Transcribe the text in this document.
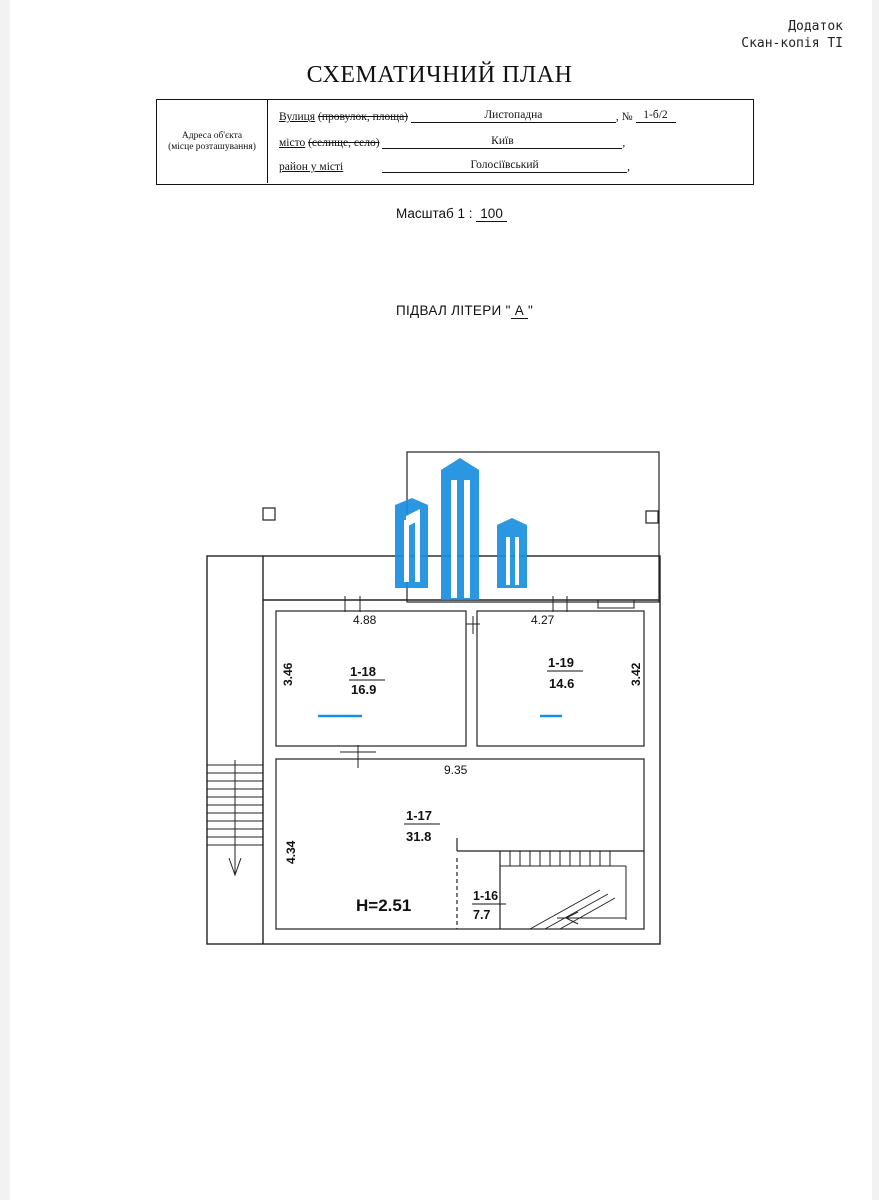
Додаток
Скан-копія ТІ
СХЕМАТИЧНИЙ ПЛАН
Адреса об'єкта
(місце розташування)
Вулиця (провулок, площа)	Листопадна	, № 1-б/2
місто (селище, село)	Київ	,
район у місті	Голосіївський	,
Масштаб 1 : 100
ПІДВАЛ ЛІТЕРИ " А "
4.88	4.27
3.46	3.42
9.35
4.34
1-18
16.9
1-19
14.6
1-17
31.8
1-16
7.7
Н=2.51
